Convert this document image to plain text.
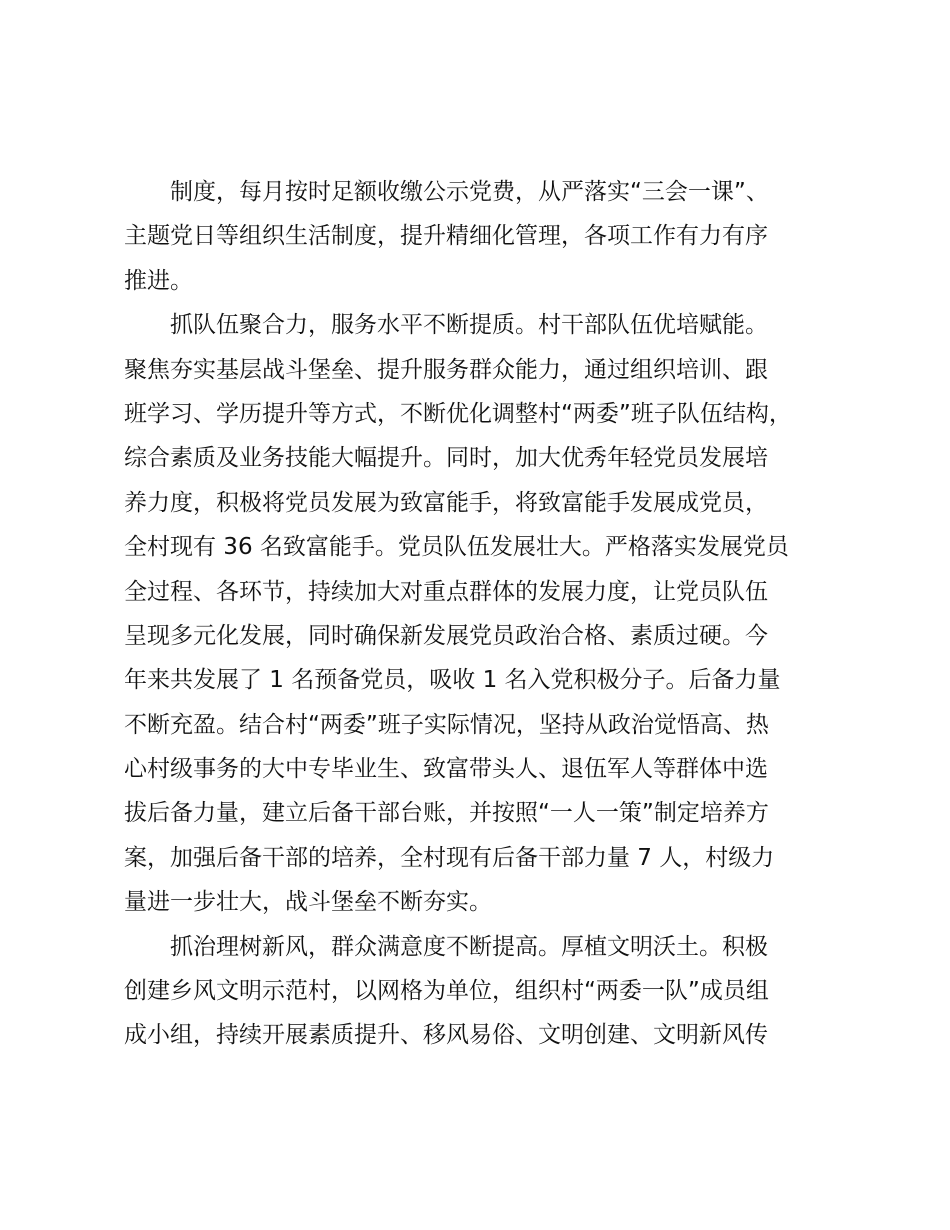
制度，每月按时足额收缴公示党费，从严落实“三会一课”、
主题党日等组织生活制度，提升精细化管理，各项工作有力有序
推进。
抓队伍聚合力，服务水平不断提质。村干部队伍优培赋能。
聚焦夯实基层战斗堡垒、提升服务群众能力，通过组织培训、跟
班学习、学历提升等方式，不断优化调整村“两委”班子队伍结构，
综合素质及业务技能大幅提升。同时，加大优秀年轻党员发展培
养力度，积极将党员发展为致富能手，将致富能手发展成党员，
全村现有 36 名致富能手。党员队伍发展壮大。严格落实发展党员
全过程、各环节，持续加大对重点群体的发展力度，让党员队伍
呈现多元化发展，同时确保新发展党员政治合格、素质过硬。今
年来共发展了 1 名预备党员，吸收 1 名入党积极分子。后备力量
不断充盈。结合村“两委”班子实际情况，坚持从政治觉悟高、热
心村级事务的大中专毕业生、致富带头人、退伍军人等群体中选
拔后备力量，建立后备干部台账，并按照“一人一策”制定培养方
案，加强后备干部的培养，全村现有后备干部力量 7 人，村级力
量进一步壮大，战斗堡垒不断夯实。
抓治理树新风，群众满意度不断提高。厚植文明沃土。积极
创建乡风文明示范村，以网格为单位，组织村“两委一队”成员组
成小组，持续开展素质提升、移风易俗、文明创建、文明新风传
